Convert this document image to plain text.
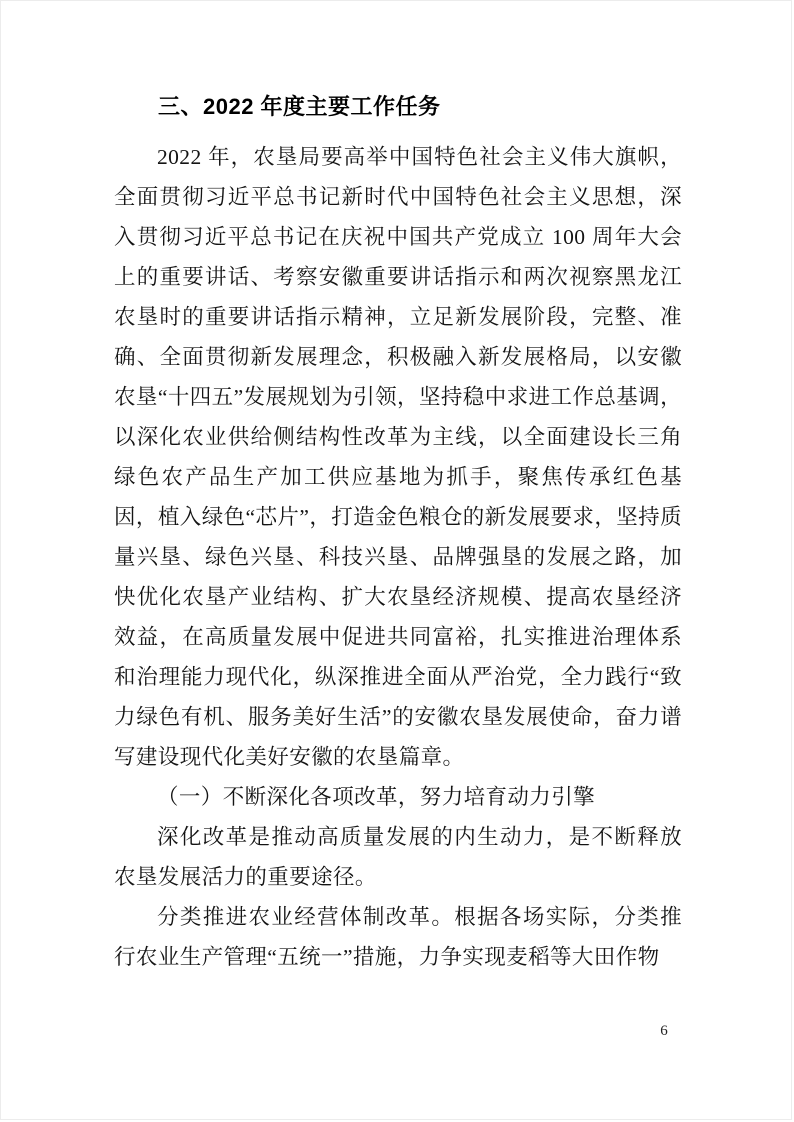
三、2022 年度主要工作任务

2022 年，农垦局要高举中国特色社会主义伟大旗帜，全面贯彻习近平总书记新时代中国特色社会主义思想，深入贯彻习近平总书记在庆祝中国共产党成立 100 周年大会上的重要讲话、考察安徽重要讲话指示和两次视察黑龙江农垦时的重要讲话指示精神，立足新发展阶段，完整、准确、全面贯彻新发展理念，积极融入新发展格局，以安徽农垦“十四五”发展规划为引领，坚持稳中求进工作总基调，以深化农业供给侧结构性改革为主线，以全面建设长三角绿色农产品生产加工供应基地为抓手，聚焦传承红色基因，植入绿色“芯片”，打造金色粮仓的新发展要求，坚持质量兴垦、绿色兴垦、科技兴垦、品牌强垦的发展之路，加快优化农垦产业结构、扩大农垦经济规模、提高农垦经济效益，在高质量发展中促进共同富裕，扎实推进治理体系和治理能力现代化，纵深推进全面从严治党，全力践行“致力绿色有机、服务美好生活”的安徽农垦发展使命，奋力谱写建设现代化美好安徽的农垦篇章。

（一）不断深化各项改革，努力培育动力引擎

深化改革是推动高质量发展的内生动力，是不断释放农垦发展活力的重要途径。

分类推进农业经营体制改革。根据各场实际，分类推行农业生产管理“五统一”措施，力争实现麦稻等大田作物

6
